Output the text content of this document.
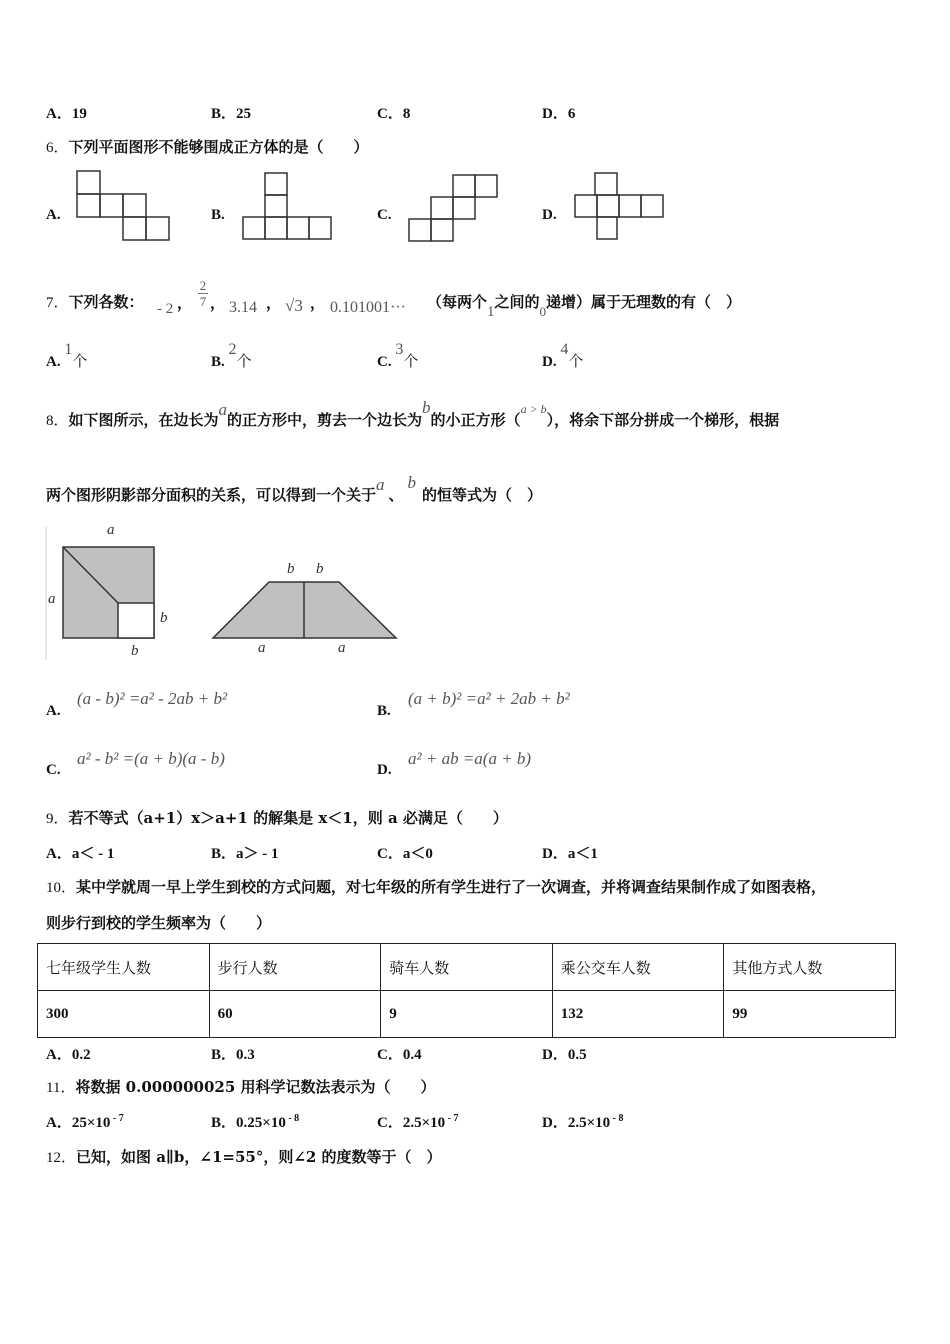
A．19	B．25	C．8	D．6
6．下列平面图形不能够围成正方体的是（　　）
A.	B.	C.	D.
7．下列各数： - 2 ， $\frac{2}{7}$ ， 3.14 ， √3 ， 0.101001··· （每两个1之间的0递增）属于无理数的有（　）
A. 1个	B. 2个	C. 3个	D. 4个
8．如下图所示，在边长为a的正方形中，剪去一个边长为b的小正方形（$^{a > b}$），将余下部分拼成一个梯形，根据
两个图形阴影部分面积的关系，可以得到一个关于a、b的恒等式为（　）
a
a
b
b
b b
a	a
A.
(a - b)² =a² - 2ab + b²
B.
(a + b)² =a² + 2ab + b²
C.
a² - b² =(a + b)(a - b)
D.
a² + ab =a(a + b)
9．若不等式（a+1）x＞a+1 的解集是 x＜1，则 a 必满足（　　）
A．a＜ - 1	B．a＞ - 1	C．a＜0	D．a＜1
10．某中学就周一早上学生到校的方式问题，对七年级的所有学生进行了一次调查，并将调查结果制作成了如图表格，
则步行到校的学生频率为（　　）
七年级学生人数	步行人数	骑车人数	乘公交车人数	其他方式人数
300	60	9	132	99
A．0.2	B．0.3	C．0.4	D．0.5
11．将数据 0.000000025 用科学记数法表示为（　　）
A．25×10 $^{- 7}$	B．0.25×10 $^{- 8}$	C．2.5×10 $^{- 7}$	D．2.5×10 $^{- 8}$
12．已知，如图 a∥b，∠1=55°，则∠2 的度数等于（　）
